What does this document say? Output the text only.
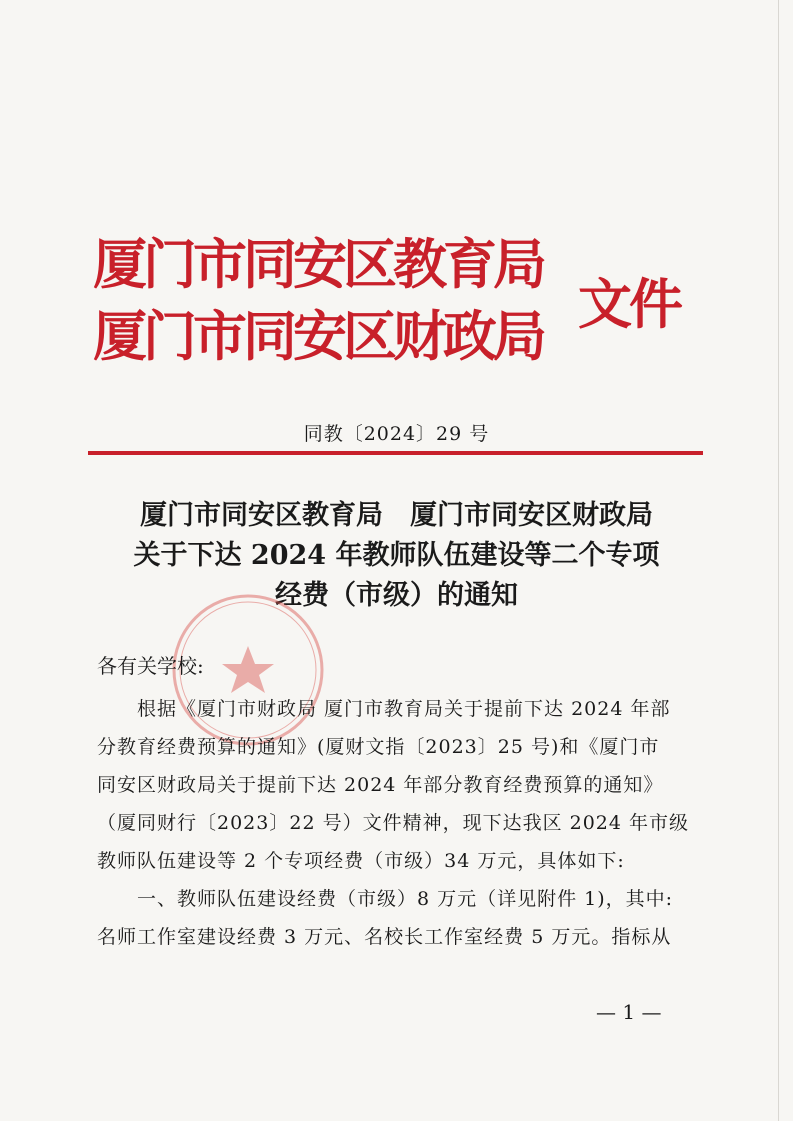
厦门市同安区教育局
厦门市同安区财政局 文件
同教〔2024〕29 号
厦门市同安区教育局　厦门市同安区财政局
关于下达 2024 年教师队伍建设等二个专项
经费（市级）的通知
各有关学校:
根据《厦门市财政局 厦门市教育局关于提前下达 2024 年部
分教育经费预算的通知》(厦财文指〔2023〕25 号)和《厦门市
同安区财政局关于提前下达 2024 年部分教育经费预算的通知》
（厦同财行〔2023〕22 号）文件精神，现下达我区 2024 年市级
教师队伍建设等 2 个专项经费（市级）34 万元，具体如下:
一、教师队伍建设经费（市级）8 万元（详见附件 1)，其中:
名师工作室建设经费 3 万元、名校长工作室经费 5 万元。指标从
— 1 —
